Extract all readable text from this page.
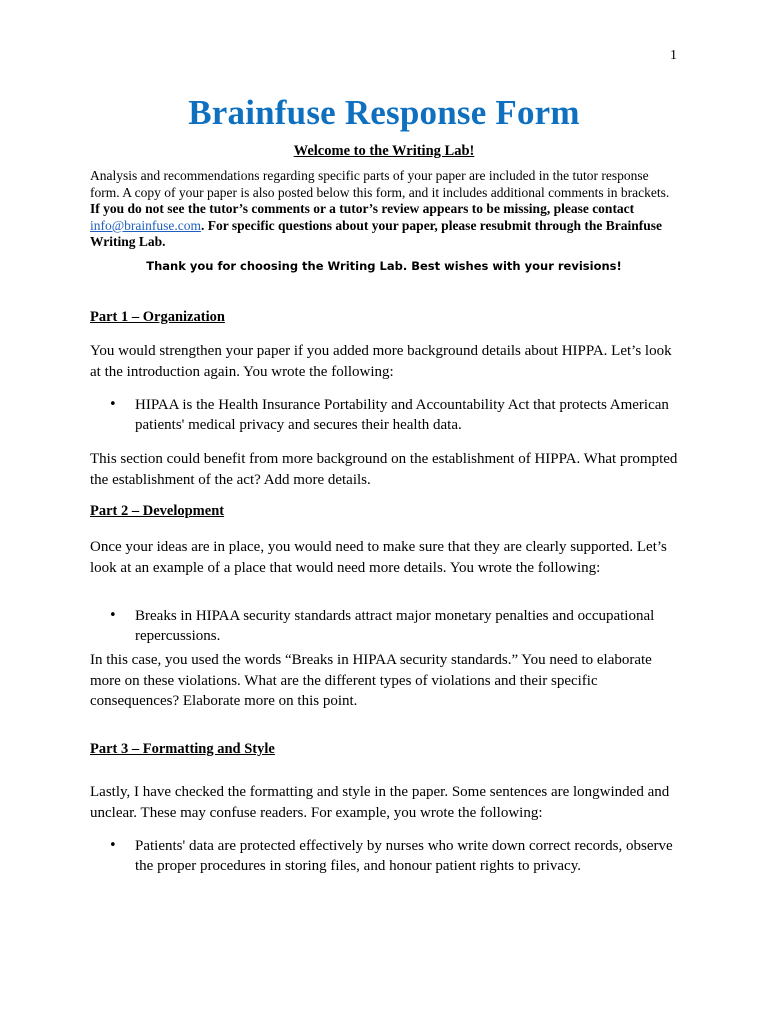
1
Brainfuse Response Form
Welcome to the Writing Lab!
Analysis and recommendations regarding specific parts of your paper are included in the tutor response form. A copy of your paper is also posted below this form, and it includes additional comments in brackets. If you do not see the tutor’s comments or a tutor’s review appears to be missing, please contact info@brainfuse.com. For specific questions about your paper, please resubmit through the Brainfuse Writing Lab.
Thank you for choosing the Writing Lab. Best wishes with your revisions!
Part 1 – Organization
You would strengthen your paper if you added more background details about HIPPA. Let’s look at the introduction again. You wrote the following:
• HIPAA is the Health Insurance Portability and Accountability Act that protects American patients' medical privacy and secures their health data.
This section could benefit from more background on the establishment of HIPPA. What prompted the establishment of the act? Add more details.
Part 2 – Development
Once your ideas are in place, you would need to make sure that they are clearly supported. Let’s look at an example of a place that would need more details. You wrote the following:
• Breaks in HIPAA security standards attract major monetary penalties and occupational repercussions.
In this case, you used the words “Breaks in HIPAA security standards.” You need to elaborate more on these violations. What are the different types of violations and their specific consequences? Elaborate more on this point.
Part 3 – Formatting and Style
Lastly, I have checked the formatting and style in the paper. Some sentences are longwinded and unclear. These may confuse readers. For example, you wrote the following:
• Patients' data are protected effectively by nurses who write down correct records, observe the proper procedures in storing files, and honour patient rights to privacy.
